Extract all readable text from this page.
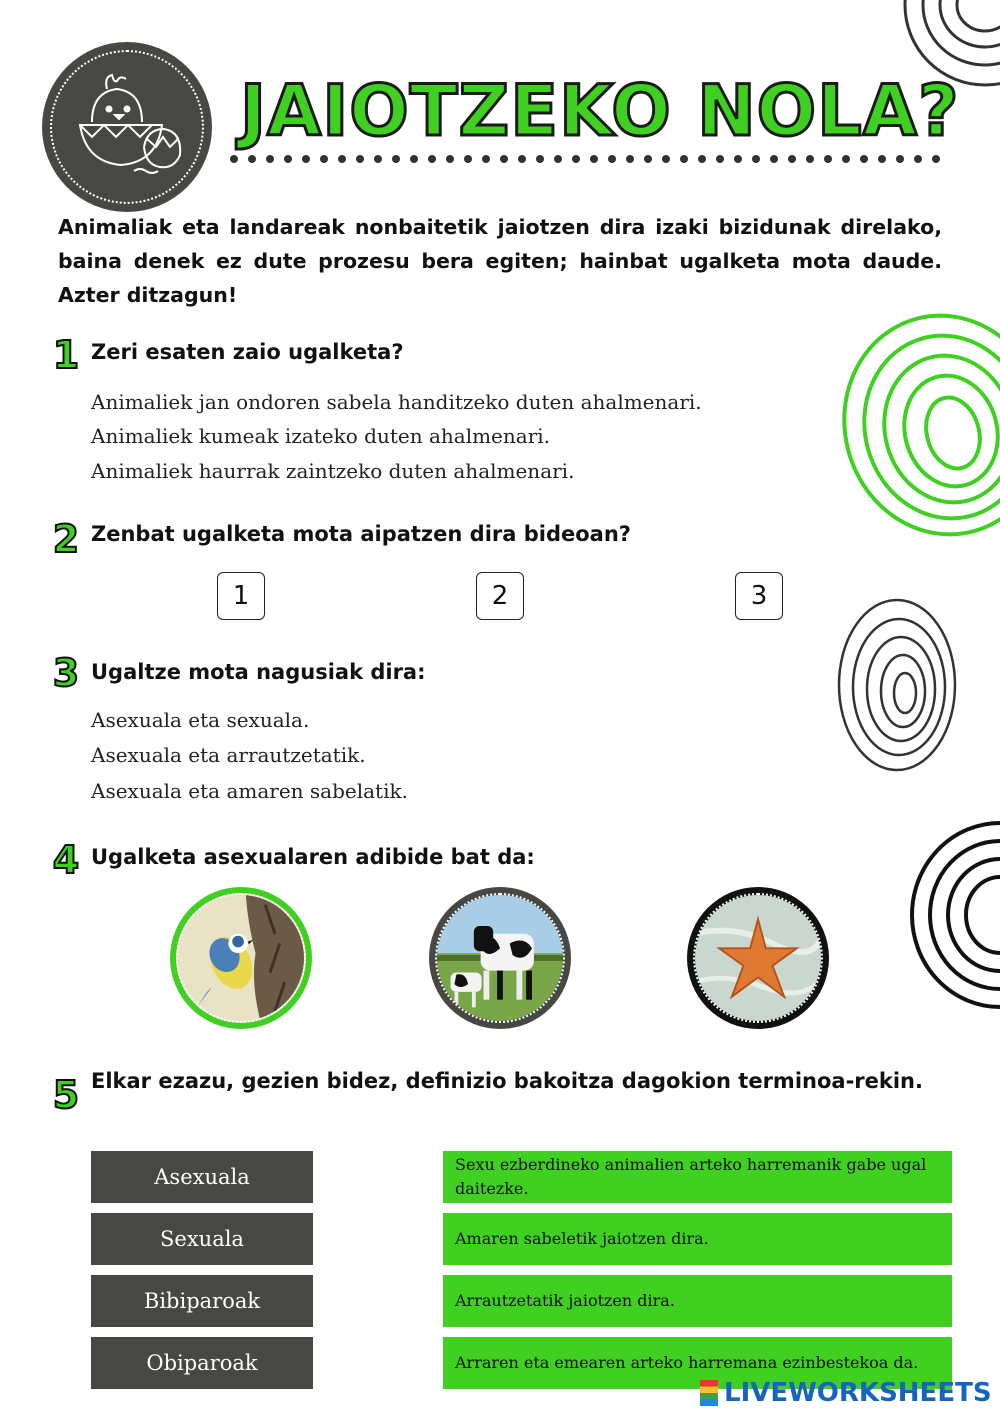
JAIOTZEKO NOLA?
Animaliak eta landareak nonbaitetik jaiotzen dira izaki bizidunak direlako, baina denek ez dute prozesu bera egiten; hainbat ugalketa mota daude. Azter ditzagun!
1 Zeri esaten zaio ugalketa?
Animaliek jan ondoren sabela handitzeko duten ahalmenari.
Animaliek kumeak izateko duten ahalmenari.
Animaliek haurrak zaintzeko duten ahalmenari.
2 Zenbat ugalketa mota aipatzen dira bideoan?
1	2	3
3 Ugaltze mota nagusiak dira:
Asexuala eta sexuala.
Asexuala eta arrautzetatik.
Asexuala eta amaren sabelatik.
4 Ugalketa asexualaren adibide bat da:
5 Elkar ezazu, gezien bidez, definizio bakoitza dagokion terminoa-rekin.
Asexuala
Sexuala
Bibiparoak
Obiparoak
Sexu ezberdineko animalien arteko harremanik gabe ugal daitezke.
Amaren sabeletik jaiotzen dira.
Arrautzetatik jaiotzen dira.
Arraren eta emearen arteko harremana ezinbestekoa da.
LIVEWORKSHEETS
